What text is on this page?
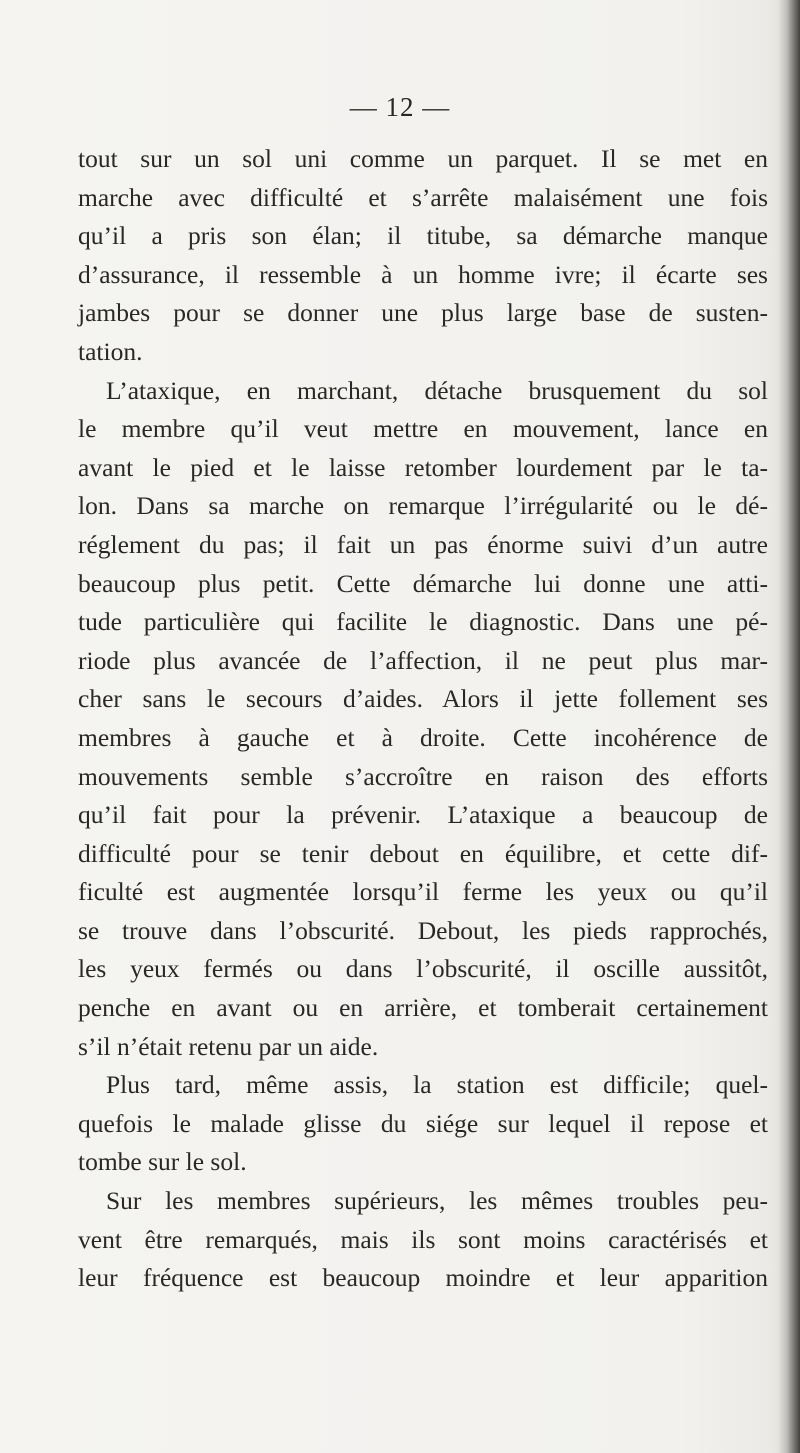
— 12 —
tout sur un sol uni comme un parquet. Il se met en
marche avec difficulté et s’arrête malaisément une fois
qu’il a pris son élan; il titube, sa démarche manque
d’assurance, il ressemble à un homme ivre; il écarte ses
jambes pour se donner une plus large base de susten-
tation.
L’ataxique, en marchant, détache brusquement du sol
le membre qu’il veut mettre en mouvement, lance en
avant le pied et le laisse retomber lourdement par le ta-
lon. Dans sa marche on remarque l’irrégularité ou le dé-
réglement du pas; il fait un pas énorme suivi d’un autre
beaucoup plus petit. Cette démarche lui donne une atti-
tude particulière qui facilite le diagnostic. Dans une pé-
riode plus avancée de l’affection, il ne peut plus mar-
cher sans le secours d’aides. Alors il jette follement ses
membres à gauche et à droite. Cette incohérence de
mouvements semble s’accroître en raison des efforts
qu’il fait pour la prévenir. L’ataxique a beaucoup de
difficulté pour se tenir debout en équilibre, et cette dif-
ficulté est augmentée lorsqu’il ferme les yeux ou qu’il
se trouve dans l’obscurité. Debout, les pieds rapprochés,
les yeux fermés ou dans l’obscurité, il oscille aussitôt,
penche en avant ou en arrière, et tomberait certainement
s’il n’était retenu par un aide.
Plus tard, même assis, la station est difficile; quel-
quefois le malade glisse du siége sur lequel il repose et
tombe sur le sol.
Sur les membres supérieurs, les mêmes troubles peu-
vent être remarqués, mais ils sont moins caractérisés et
leur fréquence est beaucoup moindre et leur apparition
